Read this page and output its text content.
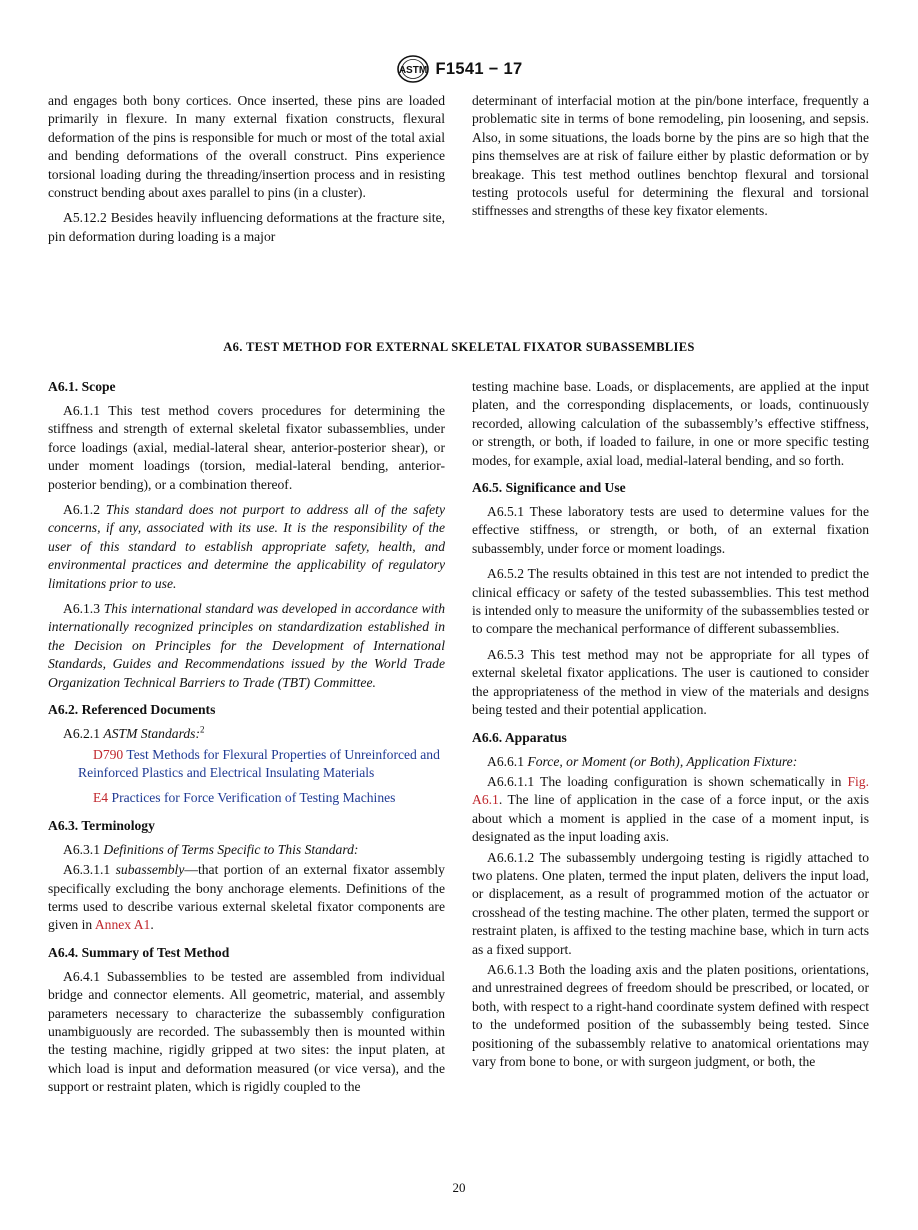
ASTM F1541 − 17

and engages both bony cortices. Once inserted, these pins are loaded primarily in flexure. In many external fixation constructs, flexural deformation of the pins is responsible for much or most of the total axial and bending deformations of the overall construct. Pins experience torsional loading during the threading/insertion process and in resisting construct bending about axes parallel to pins (in a cluster).

A5.12.2 Besides heavily influencing deformations at the fracture site, pin deformation during loading is a major

determinant of interfacial motion at the pin/bone interface, frequently a problematic site in terms of bone remodeling, pin loosening, and sepsis. Also, in some situations, the loads borne by the pins are so high that the pins themselves are at risk of failure either by plastic deformation or by breakage. This test method outlines benchtop flexural and torsional testing protocols useful for determining the flexural and torsional stiffnesses and strengths of these key fixator elements.

A6. TEST METHOD FOR EXTERNAL SKELETAL FIXATOR SUBASSEMBLIES
A6.1. Scope

A6.1.1 This test method covers procedures for determining the stiffness and strength of external skeletal fixator subassemblies, under force loadings (axial, medial-lateral shear, anterior-posterior shear), or under moment loadings (torsion, medial-lateral bending, anterior-posterior bending), or a combination thereof.

A6.1.2 This standard does not purport to address all of the safety concerns, if any, associated with its use. It is the responsibility of the user of this standard to establish appropriate safety, health, and environmental practices and determine the applicability of regulatory limitations prior to use.

A6.1.3 This international standard was developed in accordance with internationally recognized principles on standardization established in the Decision on Principles for the Development of International Standards, Guides and Recommendations issued by the World Trade Organization Technical Barriers to Trade (TBT) Committee.

A6.2. Referenced Documents

A6.2.1 ASTM Standards:$^2$

D790 Test Methods for Flexural Properties of Unreinforced and Reinforced Plastics and Electrical Insulating Materials

E4 Practices for Force Verification of Testing Machines

A6.3. Terminology

A6.3.1 Definitions of Terms Specific to This Standard:

A6.3.1.1 subassembly—that portion of an external fixator assembly specifically excluding the bony anchorage elements. Definitions of the terms used to describe various external skeletal fixator components are given in Annex A1.

A6.4. Summary of Test Method

A6.4.1 Subassemblies to be tested are assembled from individual bridge and connector elements. All geometric, material, and assembly parameters necessary to characterize the subassembly configuration unambiguously are recorded. The subassembly then is mounted within the testing machine, rigidly gripped at two sites: the input platen, at which load is input and deformation measured (or vice versa), and the support or restraint platen, which is rigidly coupled to the

testing machine base. Loads, or displacements, are applied at the input platen, and the corresponding displacements, or loads, continuously recorded, allowing calculation of the subassembly’s effective stiffness, or strength, or both, if loaded to failure, in one or more specific testing modes, for example, axial load, medial-lateral bending, and so forth.

A6.5. Significance and Use

A6.5.1 These laboratory tests are used to determine values for the effective stiffness, or strength, or both, of an external fixation subassembly, under force or moment loadings.

A6.5.2 The results obtained in this test are not intended to predict the clinical efficacy or safety of the tested subassemblies. This test method is intended only to measure the uniformity of the subassemblies tested or to compare the mechanical performance of different subassemblies.

A6.5.3 This test method may not be appropriate for all types of external skeletal fixator applications. The user is cautioned to consider the appropriateness of the method in view of the materials and designs being tested and their potential application.

A6.6. Apparatus

A6.6.1 Force, or Moment (or Both), Application Fixture:

A6.6.1.1 The loading configuration is shown schematically in Fig. A6.1. The line of application in the case of a force input, or the axis about which a moment is applied in the case of a moment input, is designated as the input loading axis.

A6.6.1.2 The subassembly undergoing testing is rigidly attached to two platens. One platen, termed the input platen, delivers the input load, or displacement, as a result of programmed motion of the actuator or crosshead of the testing machine. The other platen, termed the support or restraint platen, is affixed to the testing machine base, which in turn acts as a fixed support.

A6.6.1.3 Both the loading axis and the platen positions, orientations, and unrestrained degrees of freedom should be prescribed, or located, or both, with respect to a right-hand coordinate system defined with respect to the undeformed position of the subassembly being tested. Since positioning of the subassembly relative to anatomical orientations may vary from bone to bone, or with surgeon judgment, or both, the

20
